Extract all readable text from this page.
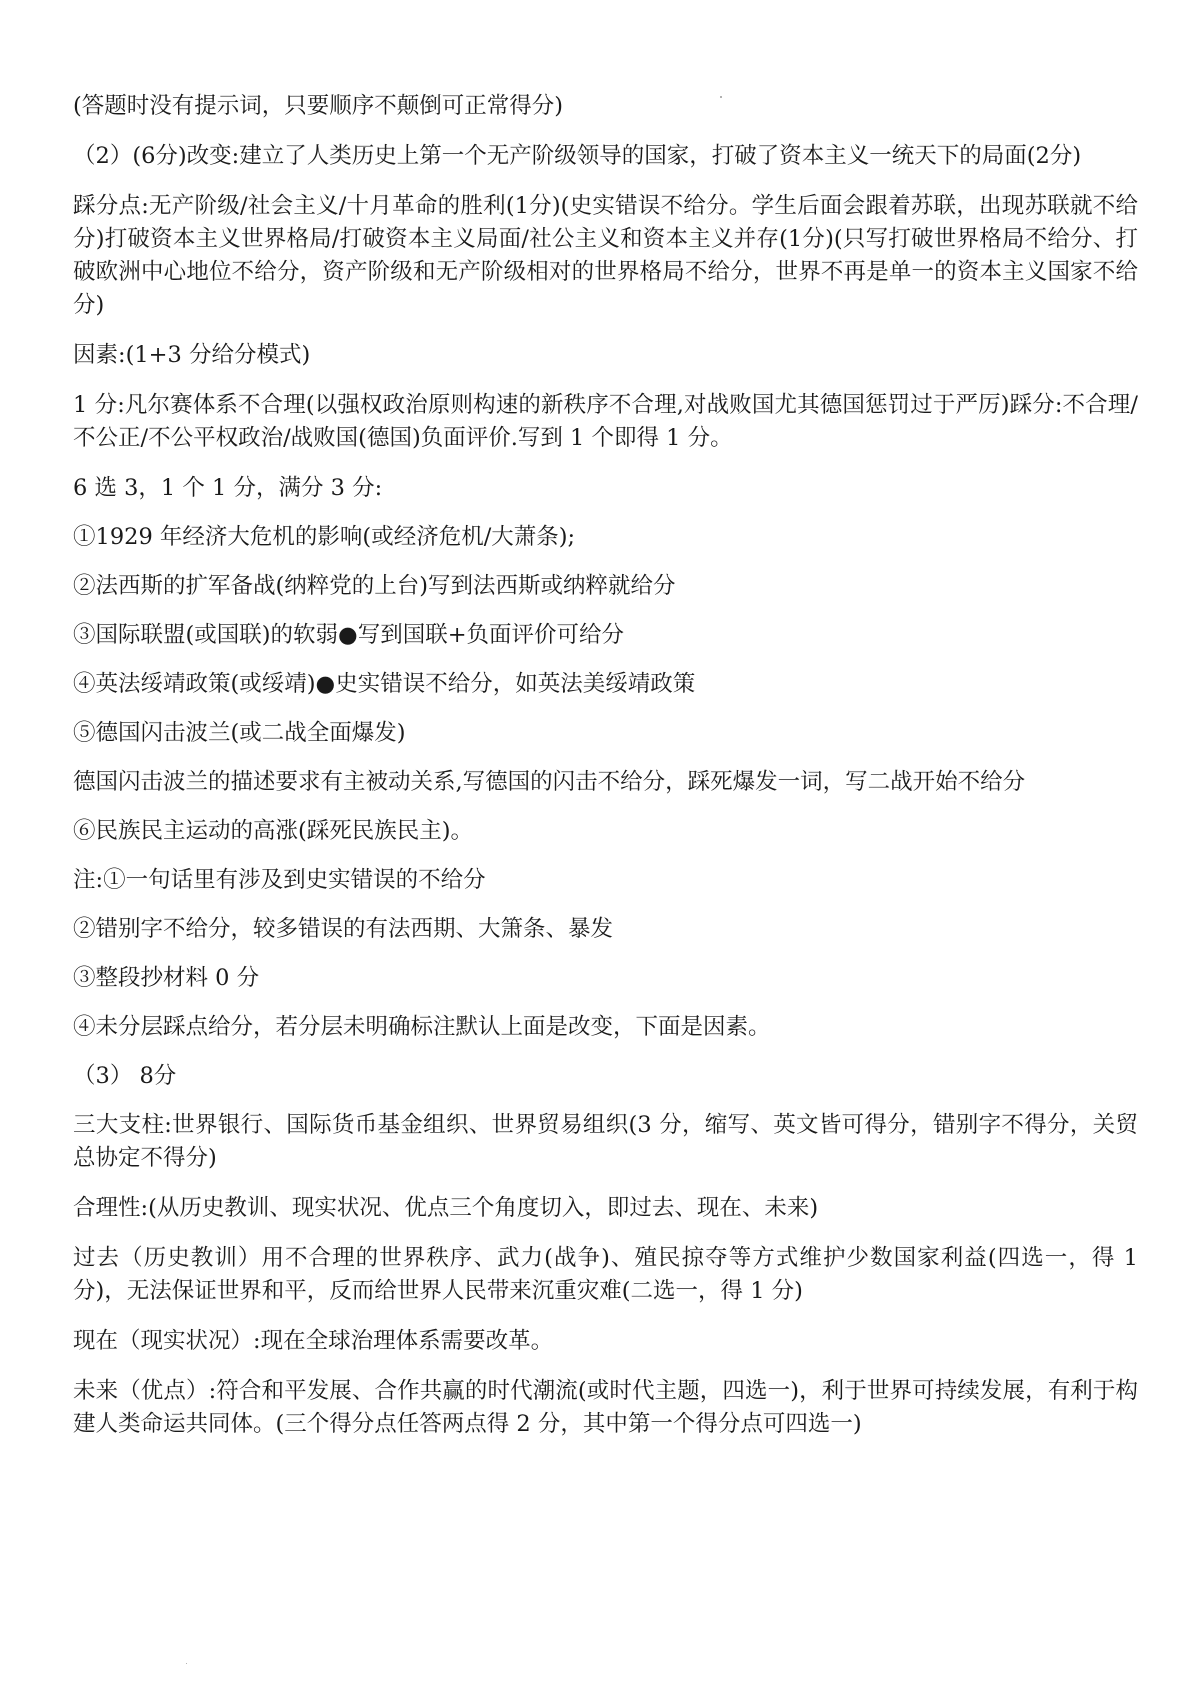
(答题时没有提示词，只要顺序不颠倒可正常得分)

（2）(6分)改变:建立了人类历史上第一个无产阶级领导的国家，打破了资本主义一统天下的局面(2分)

踩分点:无产阶级/社会主义/十月革命的胜利(1分)(史实错误不给分。学生后面会跟着苏联，出现苏联就不给分)打破资本主义世界格局/打破资本主义局面/社公主义和资本主义并存(1分)(只写打破世界格局不给分、打破欧洲中心地位不给分，资产阶级和无产阶级相对的世界格局不给分，世界不再是单一的资本主义国家不给分)

因素:(1+3 分给分模式)

1 分:凡尔赛体系不合理(以强权政治原则构速的新秩序不合理,对战败国尤其德国惩罚过于严厉)踩分:不合理/不公正/不公平权政治/战败国(德国)负面评价.写到 1 个即得 1 分。

6 选 3，1 个 1 分，满分 3 分:

①1929 年经济大危机的影响(或经济危机/大萧条);

②法西斯的扩军备战(纳粹党的上台)写到法西斯或纳粹就给分

③国际联盟(或国联)的软弱●写到国联+负面评价可给分

④英法绥靖政策(或绥靖)●史实错误不给分，如英法美绥靖政策

⑤德国闪击波兰(或二战全面爆发)

德国闪击波兰的描述要求有主被动关系,写德国的闪击不给分，踩死爆发一词，写二战开始不给分

⑥民族民主运动的高涨(踩死民族民主)。

注:①一句话里有涉及到史实错误的不给分

②错别字不给分，较多错误的有法西期、大箫条、暴发

③整段抄材料 0 分

④未分层踩点给分，若分层未明确标注默认上面是改变，下面是因素。

（3） 8分

三大支柱:世界银行、国际货币基金组织、世界贸易组织(3 分，缩写、英文皆可得分，错别字不得分，关贸总协定不得分)

合理性:(从历史教训、现实状况、优点三个角度切入，即过去、现在、未来)

过去（历史教训）用不合理的世界秩序、武力(战争)、殖民掠夺等方式维护少数国家利益(四选一，得 1 分)，无法保证世界和平，反而给世界人民带来沉重灾难(二选一，得 1 分)

现在（现实状况）:现在全球治理体系需要改革。

未来（优点）:符合和平发展、合作共赢的时代潮流(或时代主题，四选一)，利于世界可持续发展，有利于构建人类命运共同体。(三个得分点任答两点得 2 分，其中第一个得分点可四选一)
